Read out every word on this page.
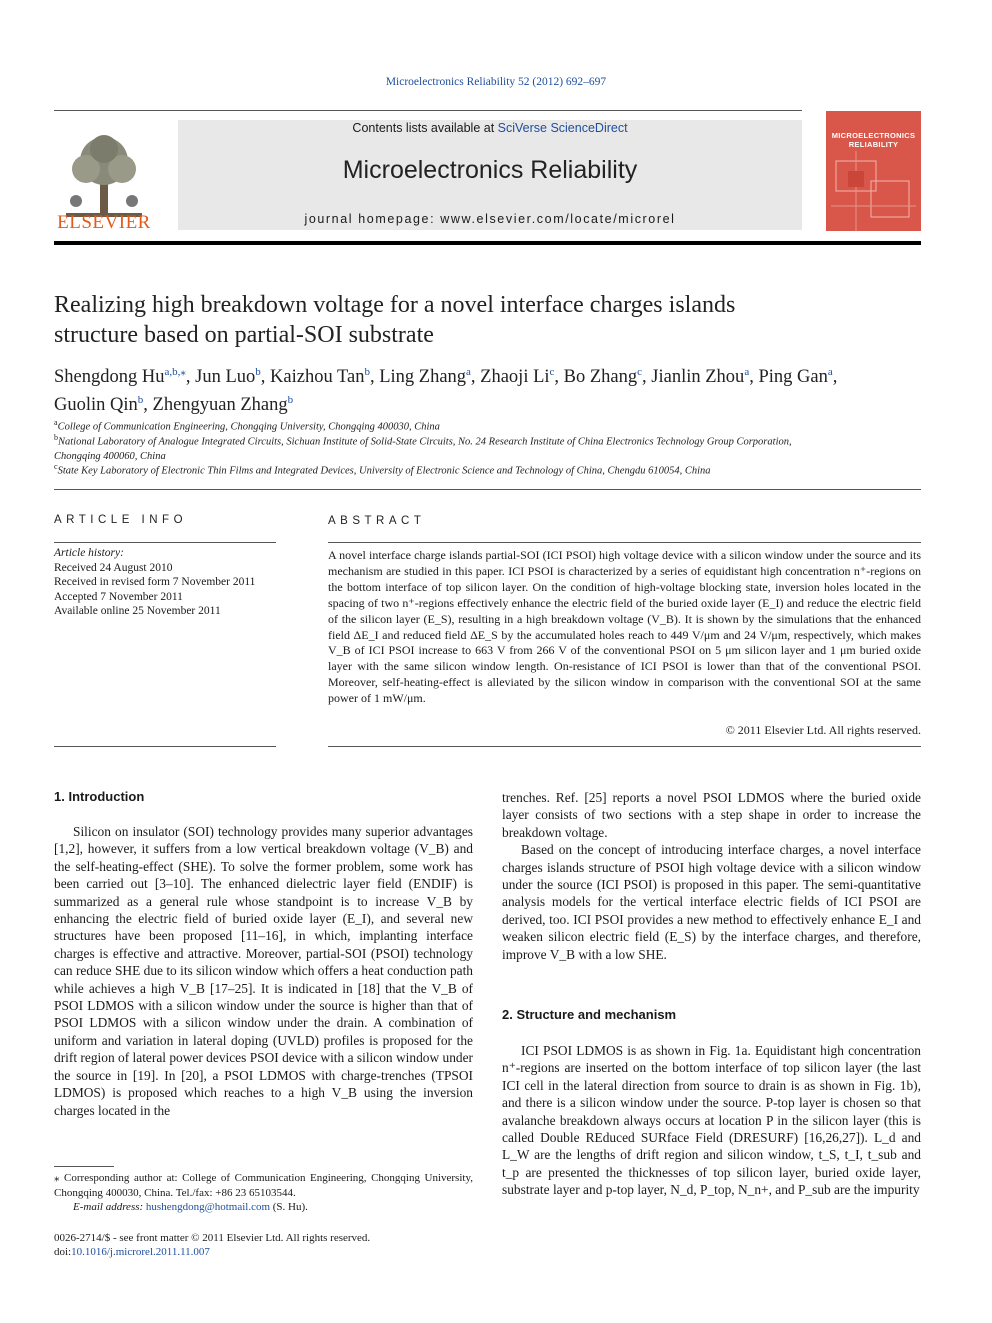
Microelectronics Reliability 52 (2012) 692–697
ELSEVIER
Contents lists available at SciVerse ScienceDirect
Microelectronics Reliability
journal homepage: www.elsevier.com/locate/microrel
MICROELECTRONICS RELIABILITY
Realizing high breakdown voltage for a novel interface charges islands
structure based on partial-SOI substrate
Shengdong $Hu^{a,b,⁎}$, Jun Luo$^b$, Kaizhou Tan$^b$, Ling Zhang$^a$, Zhaoji Li$^c$, Bo Zhang$^c$, Jianlin Zhou$^a$, Ping Gan$^a$,
Guolin Qin$^b$, Zhengyuan Zhang$^b$
$^a$College of Communication Engineering, Chongqing University, Chongqing 400030, China
$^b$National Laboratory of Analogue Integrated Circuits, Sichuan Institute of Solid-State Circuits, No. 24 Research Institute of China Electronics Technology Group Corporation,
Chongqing 400060, China
$^c$State Key Laboratory of Electronic Thin Films and Integrated Devices, University of Electronic Science and Technology of China, Chengdu 610054, China
ARTICLE INFO
Article history:
Received 24 August 2010
Received in revised form 7 November 2011
Accepted 7 November 2011
Available online 25 November 2011
ABSTRACT
A novel interface charge islands partial-SOI (ICI PSOI) high voltage device with a silicon window under the source and its mechanism are studied in this paper. ICI PSOI is characterized by a series of equidistant high concentration n⁺-regions on the bottom interface of top silicon layer. On the condition of high-voltage blocking state, inversion holes located in the spacing of two n⁺-regions effectively enhance the electric field of the buried oxide layer (E_I) and reduce the electric field of the silicon layer (E_S), resulting in a high breakdown voltage (V_B). It is shown by the simulations that the enhanced field ΔE_I and reduced field ΔE_S by the accumulated holes reach to 449 V/μm and 24 V/μm, respectively, which makes V_B of ICI PSOI increase to 663 V from 266 V of the conventional PSOI on 5 μm silicon layer and 1 μm buried oxide layer with the same silicon window length. On-resistance of ICI PSOI is lower than that of the conventional PSOI. Moreover, self-heating-effect is alleviated by the silicon window in comparison with the conventional SOI at the same power of 1 mW/μm.
© 2011 Elsevier Ltd. All rights reserved.
1. Introduction

Silicon on insulator (SOI) technology provides many superior advantages [1,2], however, it suffers from a low vertical breakdown voltage (V_B) and the self-heating-effect (SHE). To solve the former problem, some work has been carried out [3–10]. The enhanced dielectric layer field (ENDIF) is summarized as a general rule whose standpoint is to increase V_B by enhancing the electric field of buried oxide layer (E_I), and several new structures have been proposed [11–16], in which, implanting interface charges is effective and attractive. Moreover, partial-SOI (PSOI) technology can reduce SHE due to its silicon window which offers a heat conduction path while achieves a high V_B [17–25]. It is indicated in [18] that the V_B of PSOI LDMOS with a silicon window under the source is higher than that of PSOI LDMOS with a silicon window under the drain. A combination of uniform and variation in lateral doping (UVLD) profiles is proposed for the drift region of lateral power devices PSOI device with a silicon window under the source in [19]. In [20], a PSOI LDMOS with charge-trenches (TPSOI LDMOS) is proposed which reaches to a high V_B using the inversion charges located in the

⁎ Corresponding author at: College of Communication Engineering, Chongqing University, Chongqing 400030, China. Tel./fax: +86 23 65103544.
E-mail address: hushengdong@hotmail.com (S. Hu).
0026-2714/$ - see front matter © 2011 Elsevier Ltd. All rights reserved.
doi:10.1016/j.microrel.2011.11.007

trenches. Ref. [25] reports a novel PSOI LDMOS where the buried oxide layer consists of two sections with a step shape in order to increase the breakdown voltage.

Based on the concept of introducing interface charges, a novel interface charges islands structure of PSOI high voltage device with a silicon window under the source (ICI PSOI) is proposed in this paper. The semi-quantitative analysis models for the vertical interface electric fields of ICI PSOI are derived, too. ICI PSOI provides a new method to effectively enhance E_I and weaken silicon electric field (E_S) by the interface charges, and therefore, improve V_B with a low SHE.

2. Structure and mechanism

ICI PSOI LDMOS is as shown in Fig. 1a. Equidistant high concentration n⁺-regions are inserted on the bottom interface of top silicon layer (the last ICI cell in the lateral direction from source to drain is as shown in Fig. 1b), and there is a silicon window under the source. P-top layer is chosen so that avalanche breakdown always occurs at location P in the silicon layer (this is called Double REduced SURface Field (DRESURF) [16,26,27]). L_d and L_W are the lengths of drift region and silicon window, t_S, t_I, t_sub and t_p are presented the thicknesses of top silicon layer, buried oxide layer, substrate layer and p-top layer, N_d, P_top, N_n+, and P_sub are the impurity
